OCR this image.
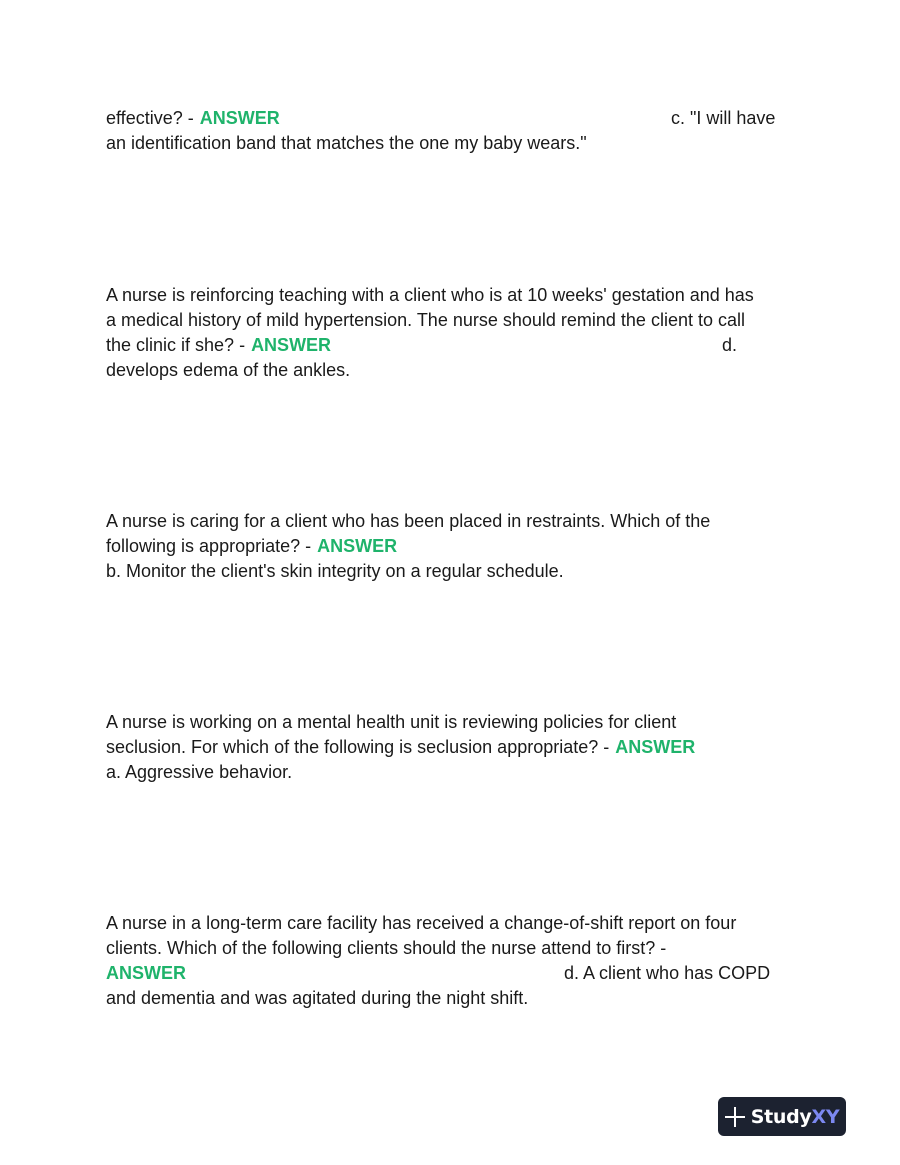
effective? - ANSWER	c. "I will have
an identification band that matches the one my baby wears."
A nurse is reinforcing teaching with a client who is at 10 weeks' gestation and has
a medical history of mild hypertension. The nurse should remind the client to call
the clinic if she? - ANSWER	d.
develops edema of the ankles.
A nurse is caring for a client who has been placed in restraints. Which of the
following is appropriate? - ANSWER
b. Monitor the client's skin integrity on a regular schedule.
A nurse is working on a mental health unit is reviewing policies for client
seclusion. For which of the following is seclusion appropriate? - ANSWER
a. Aggressive behavior.
A nurse in a long-term care facility has received a change-of-shift report on four
clients. Which of the following clients should the nurse attend to first? -
ANSWER	d. A client who has COPD
and dementia and was agitated during the night shift.
StudyXY
